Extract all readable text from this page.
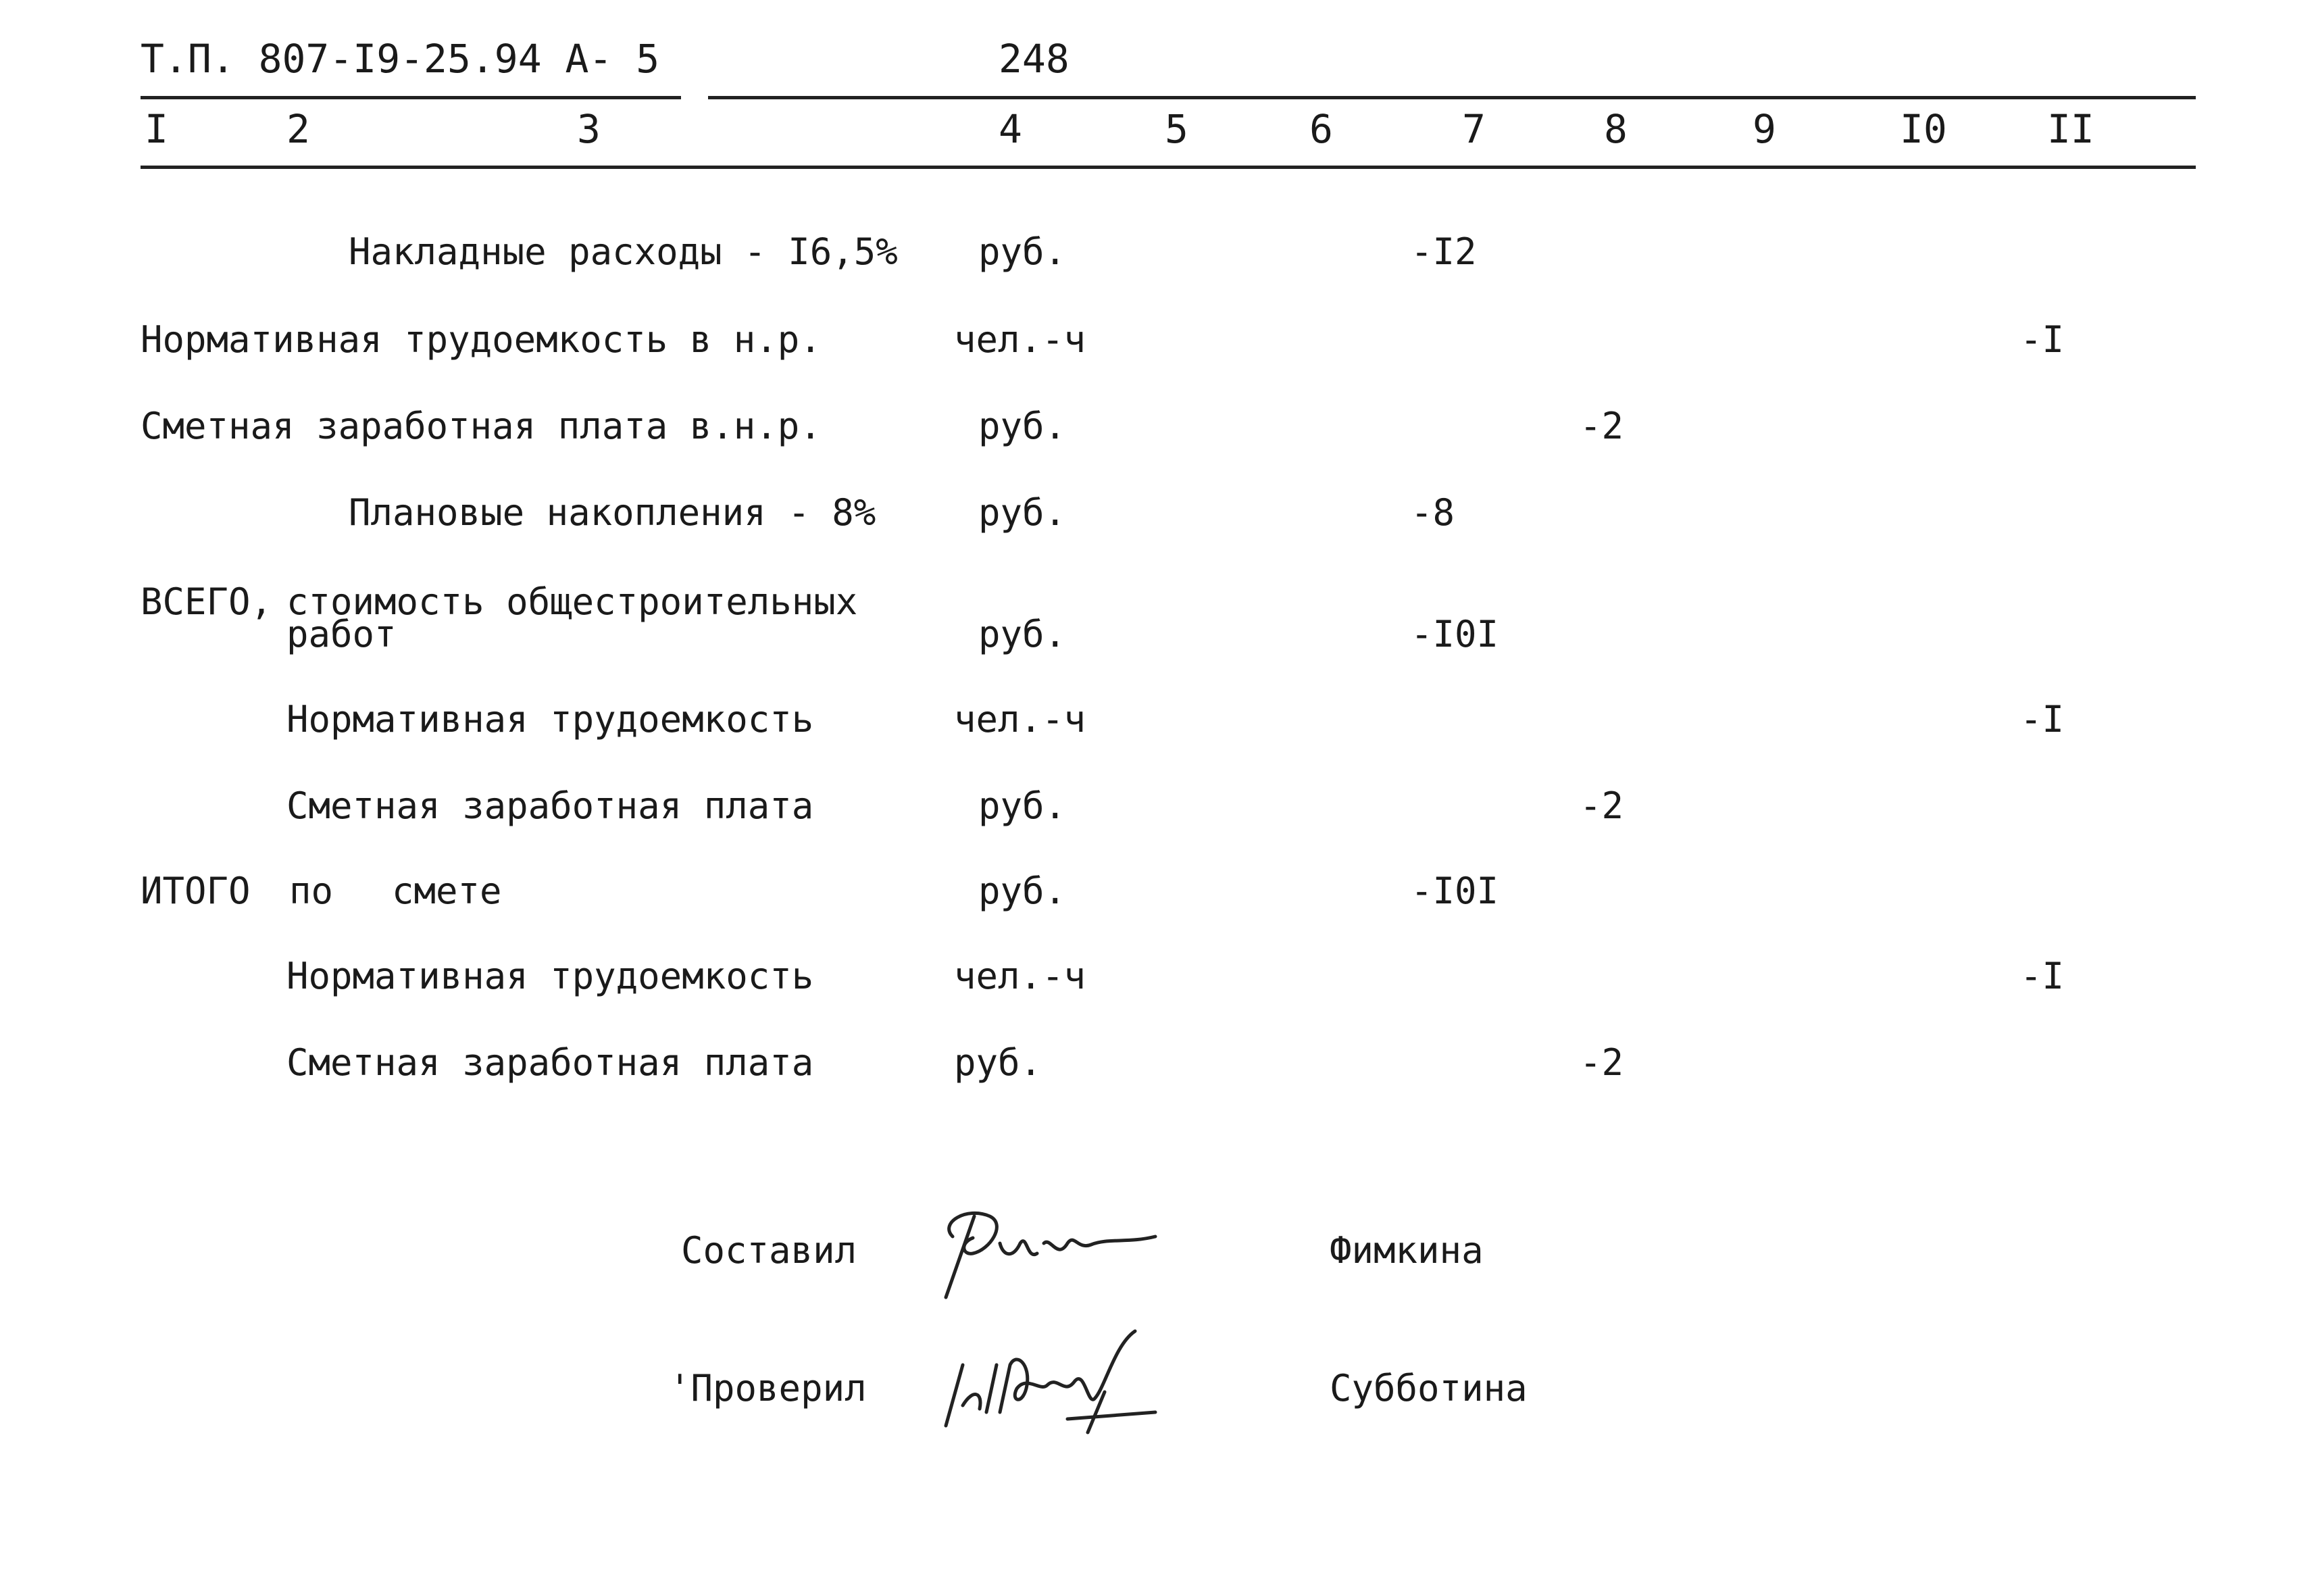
Т.П. 807-I9-25.94 А- 5	248
I	2	3	4	5	6	7	8	9	I0	II
Накладные расходы - I6,5% руб.	-I2
Нормативная трудоемкость в н.р.	чел.-ч	-I
Сметная заработная плата в.н.р.	руб.	-2
Плановые накопления - 8%	руб.	-8
ВСЕГО, стоимость общестроительных
работ	руб.	-I0I
Нормативная трудоемкость	чел.-ч	-I
Сметная заработная плата	руб.	-2
ИТОГО по смете	руб.	-I0I
Нормативная трудоемкость	чел.-ч	-I
Сметная заработная плата	руб.	-2
Составил	Фимкина
'Проверил	Субботина
